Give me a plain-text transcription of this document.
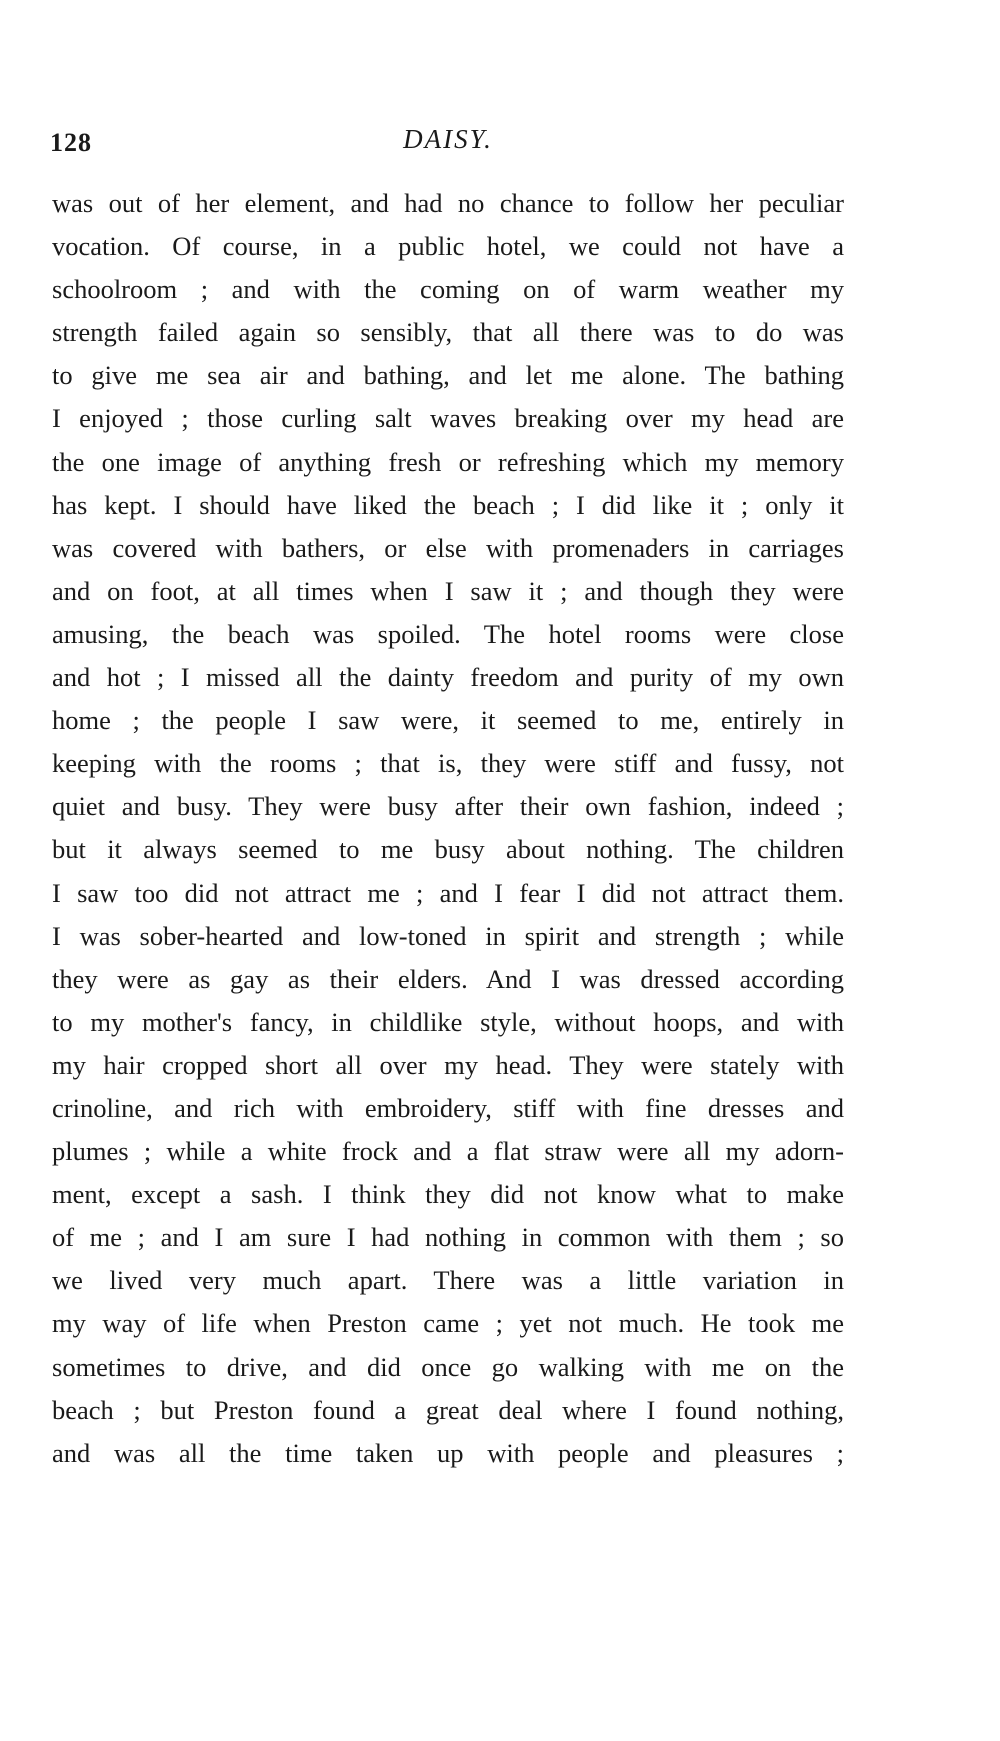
128	DAISY.
was out of her element, and had no chance to follow her peculiar
vocation. Of course, in a public hotel, we could not have a
schoolroom ; and with the coming on of warm weather my
strength failed again so sensibly, that all there was to do was
to give me sea air and bathing, and let me alone. The bathing
I enjoyed ; those curling salt waves breaking over my head are
the one image of anything fresh or refreshing which my memory
has kept. I should have liked the beach ; I did like it ; only it
was covered with bathers, or else with promenaders in carriages
and on foot, at all times when I saw it ; and though they were
amusing, the beach was spoiled. The hotel rooms were close
and hot ; I missed all the dainty freedom and purity of my own
home ; the people I saw were, it seemed to me, entirely in
keeping with the rooms ; that is, they were stiff and fussy, not
quiet and busy. They were busy after their own fashion, indeed ;
but it always seemed to me busy about nothing. The children
I saw too did not attract me ; and I fear I did not attract them.
I was sober-hearted and low-toned in spirit and strength ; while
they were as gay as their elders. And I was dressed according
to my mother's fancy, in childlike style, without hoops, and with
my hair cropped short all over my head. They were stately with
crinoline, and rich with embroidery, stiff with fine dresses and
plumes ; while a white frock and a flat straw were all my adorn-
ment, except a sash. I think they did not know what to make
of me ; and I am sure I had nothing in common with them ; so
we lived very much apart. There was a little variation in
my way of life when Preston came ; yet not much. He took me
sometimes to drive, and did once go walking with me on the
beach ; but Preston found a great deal where I found nothing,
and was all the time taken up with people and pleasures ;
